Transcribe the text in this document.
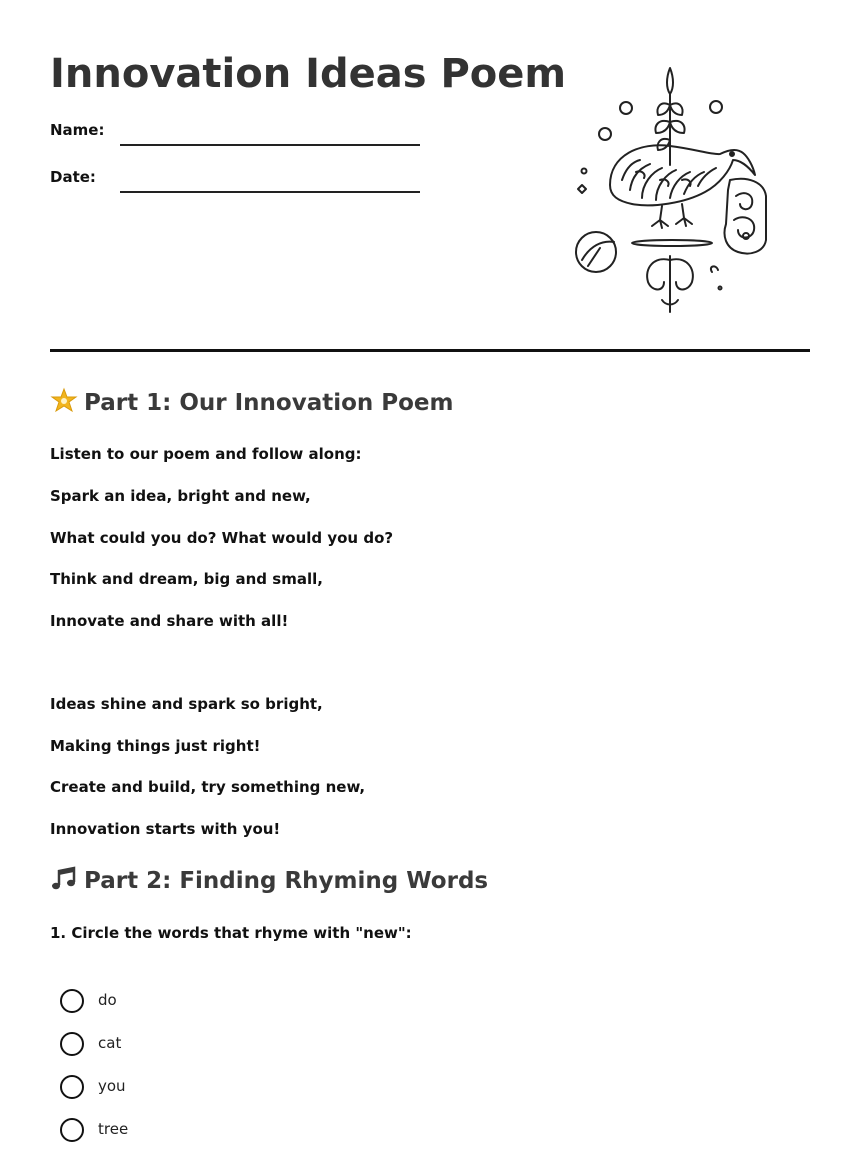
Innovation Ideas Poem
Name:
Date:
Part 1: Our Innovation Poem

Listen to our poem and follow along:

Spark an idea, bright and new,

What could you do? What would you do?

Think and dream, big and small,

Innovate and share with all!

Ideas shine and spark so bright,

Making things just right!

Create and build, try something new,

Innovation starts with you!

Part 2: Finding Rhyming Words

1. Circle the words that rhyme with "new":

do
cat
you
tree
